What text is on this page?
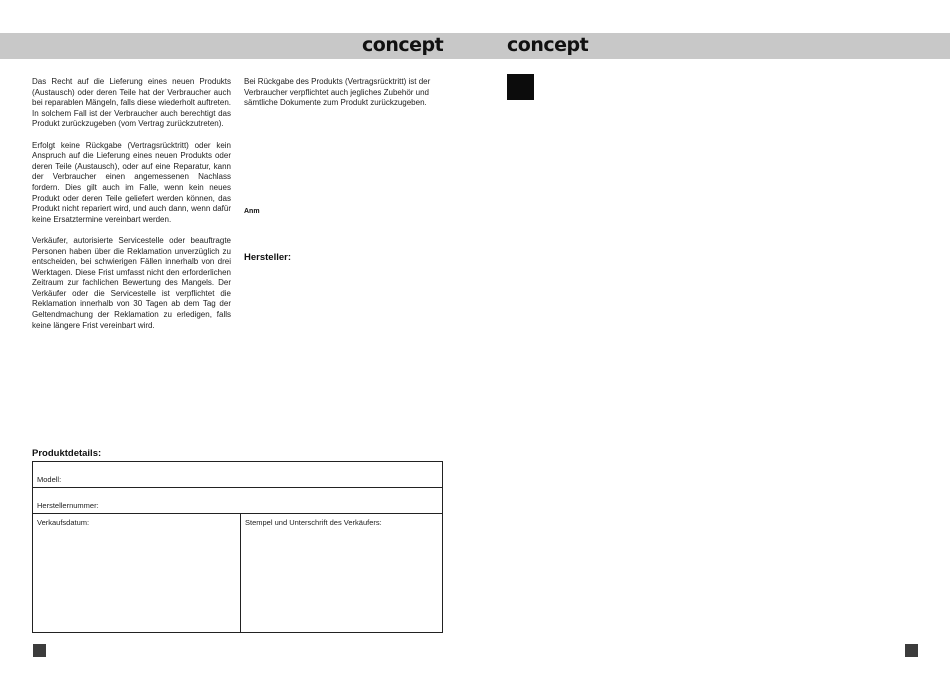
concept	concept

Das Recht auf die Lieferung eines neuen Produkts (Austausch) oder deren Teile hat der Verbraucher auch bei reparablen Mängeln, falls diese wiederholt auftreten. In solchem Fall ist der Verbraucher auch berechtigt das Produkt zurückzugeben (vom Vertrag zurückzutreten).

Erfolgt keine Rückgabe (Vertragsrücktritt) oder kein Anspruch auf die Lieferung eines neuen Produkts oder deren Teile (Austausch), oder auf eine Reparatur, kann der Verbraucher einen angemessenen Nachlass fordern. Dies gilt auch im Falle, wenn kein neues Produkt oder deren Teile geliefert werden können, das Produkt nicht repariert wird, und auch dann, wenn dafür keine Ersatztermine vereinbart werden.

Verkäufer, autorisierte Servicestelle oder beauftragte Personen haben über die Reklamation unverzüglich zu entscheiden, bei schwierigen Fällen innerhalb von drei Werktagen. Diese Frist umfasst nicht den erforderlichen Zeitraum zur fachlichen Bewertung des Mangels. Der Verkäufer oder die Servicestelle ist verpflichtet die Reklamation innerhalb von 30 Tagen ab dem Tag der Geltendmachung der Reklamation zu erledigen, falls keine längere Frist vereinbart wird.

Bei Rückgabe des Produkts (Vertragsrücktritt) ist der Verbraucher verpflichtet auch jegliches Zubehör und sämtliche Dokumente zum Produkt zurückzugeben.

Anm
Hersteller:
Produktdetails:
Modell:
Herstellernummer:
Verkaufsdatum:	Stempel und Unterschrift des Verkäufers:
